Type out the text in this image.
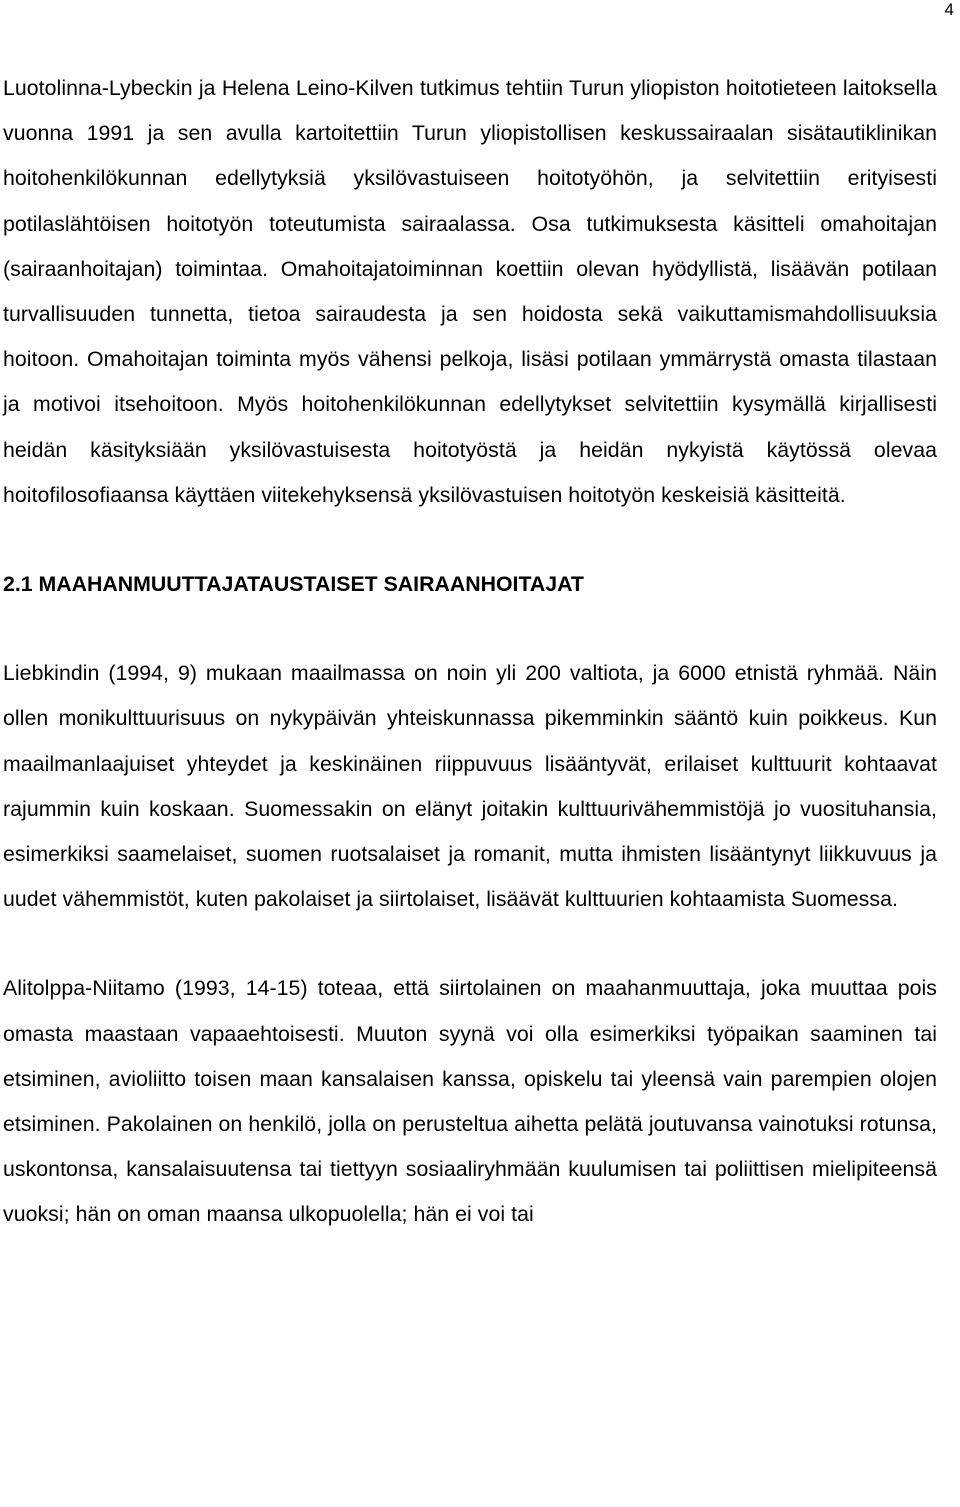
4

Luotolinna-Lybeckin ja Helena Leino-Kilven tutkimus tehtiin Turun yliopiston hoitotieteen laitoksella vuonna 1991 ja sen avulla kartoitettiin Turun yliopistollisen keskussairaalan sisätautiklinikan hoitohenkilökunnan edellytyksiä yksilövastuiseen hoitotyöhön, ja selvitettiin erityisesti potilaslähtöisen hoitotyön toteutumista sairaalassa. Osa tutkimuksesta käsitteli omahoitajan (sairaanhoitajan) toimintaa. Omahoitajatoiminnan koettiin olevan hyödyllistä, lisäävän potilaan turvallisuuden tunnetta, tietoa sairaudesta ja sen hoidosta sekä vaikuttamismahdollisuuksia hoitoon. Omahoitajan toiminta myös vähensi pelkoja, lisäsi potilaan ymmärrystä omasta tilastaan ja motivoi itsehoitoon. Myös hoitohenkilökunnan edellytykset selvitettiin kysymällä kirjallisesti heidän käsityksiään yksilövastuisesta hoitotyöstä ja heidän nykyistä käytössä olevaa hoitofilosofiaansa käyttäen viitekehyksensä yksilövastuisen hoitotyön keskeisiä käsitteitä.

2.1 MAAHANMUUTTAJATAUSTAISET SAIRAANHOITAJAT

Liebkindin (1994, 9) mukaan maailmassa on noin yli 200 valtiota, ja 6000 etnistä ryhmää. Näin ollen monikulttuurisuus on nykypäivän yhteiskunnassa pikemminkin sääntö kuin poikkeus. Kun maailmanlaajuiset yhteydet ja keskinäinen riippuvuus lisääntyvät, erilaiset kulttuurit kohtaavat rajummin kuin koskaan. Suomessakin on elänyt joitakin kulttuurivähemmistöjä jo vuosituhansia, esimerkiksi saamelaiset, suomen ruotsalaiset ja romanit, mutta ihmisten lisääntynyt liikkuvuus ja uudet vähemmistöt, kuten pakolaiset ja siirtolaiset, lisäävät kulttuurien kohtaamista Suomessa.

Alitolppa-Niitamo (1993, 14-15) toteaa, että siirtolainen on maahanmuuttaja, joka muuttaa pois omasta maastaan vapaaehtoisesti. Muuton syynä voi olla esimerkiksi työpaikan saaminen tai etsiminen, avioliitto toisen maan kansalaisen kanssa, opiskelu tai yleensä vain parempien olojen etsiminen. Pakolainen on henkilö, jolla on perusteltua aihetta pelätä joutuvansa vainotuksi rotunsa, uskontonsa, kansalaisuutensa tai tiettyyn sosiaaliryhmään kuulumisen tai poliittisen mielipiteensä vuoksi; hän on oman maansa ulkopuolella; hän ei voi tai
